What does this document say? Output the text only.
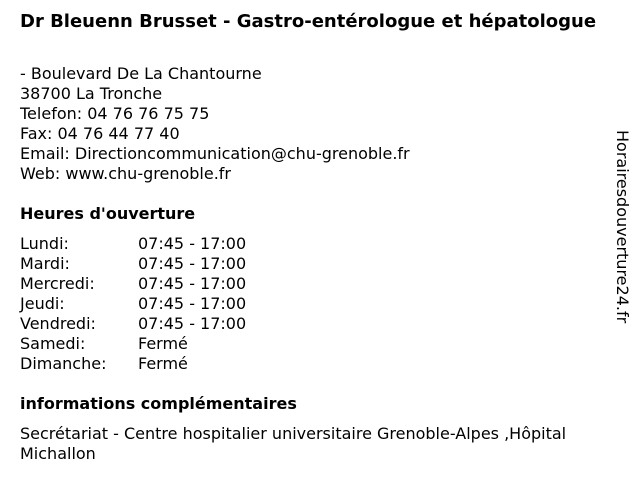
Dr Bleuenn Brusset - Gastro-entérologue et hépatologue
- Boulevard De La Chantourne
38700 La Tronche
Telefon: 04 76 76 75 75
Fax: 04 76 44 77 40
Email: Directioncommunication@chu-grenoble.fr
Web: www.chu-grenoble.fr
Heures d'ouverture
Lundi:	07:45 - 17:00
Mardi:	07:45 - 17:00
Mercredi:	07:45 - 17:00
Jeudi:	07:45 - 17:00
Vendredi:	07:45 - 17:00
Samedi:	Fermé
Dimanche: Fermé
informations complémentaires

Secrétariat - Centre hospitalier universitaire Grenoble-Alpes ,Hôpital Michallon

Horairesdouverture24.fr
